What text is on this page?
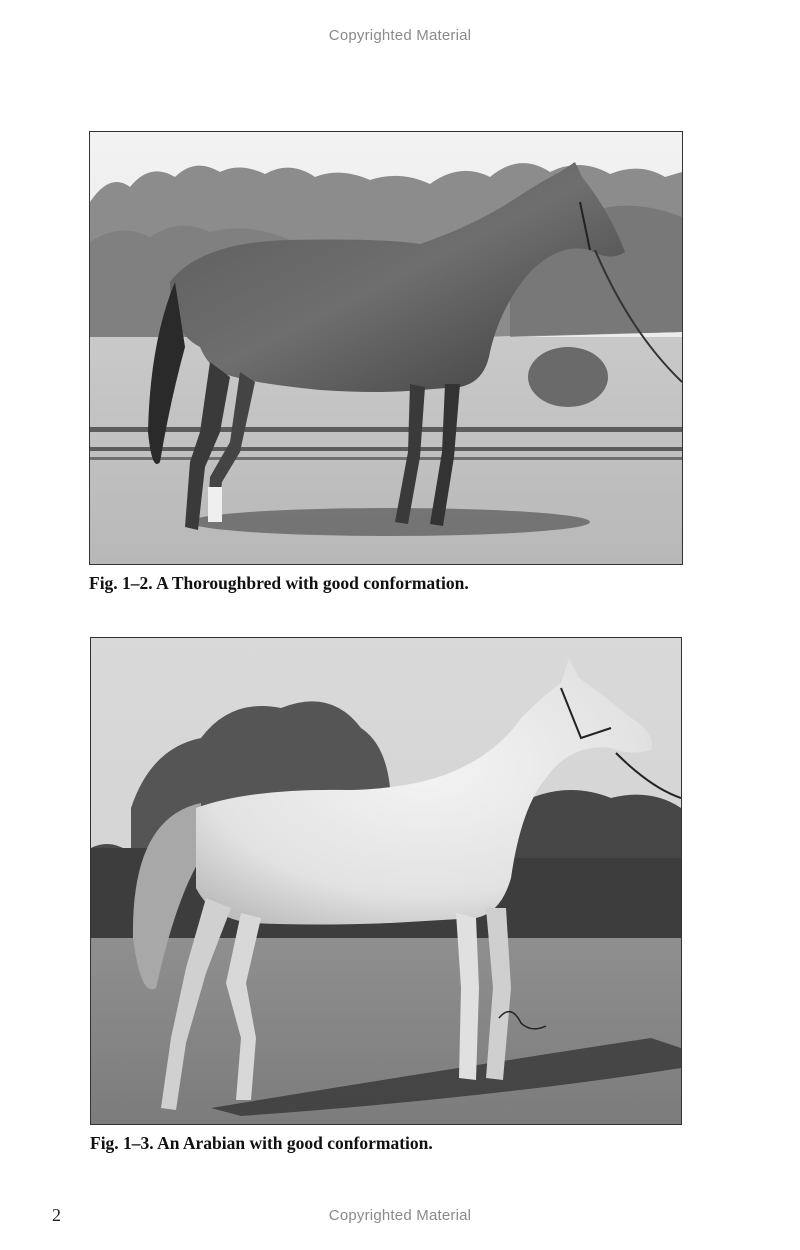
Copyrighted Material
Fig. 1–2. A Thoroughbred with good conformation.
Fig. 1–3. An Arabian with good conformation.
2	Copyrighted Material
